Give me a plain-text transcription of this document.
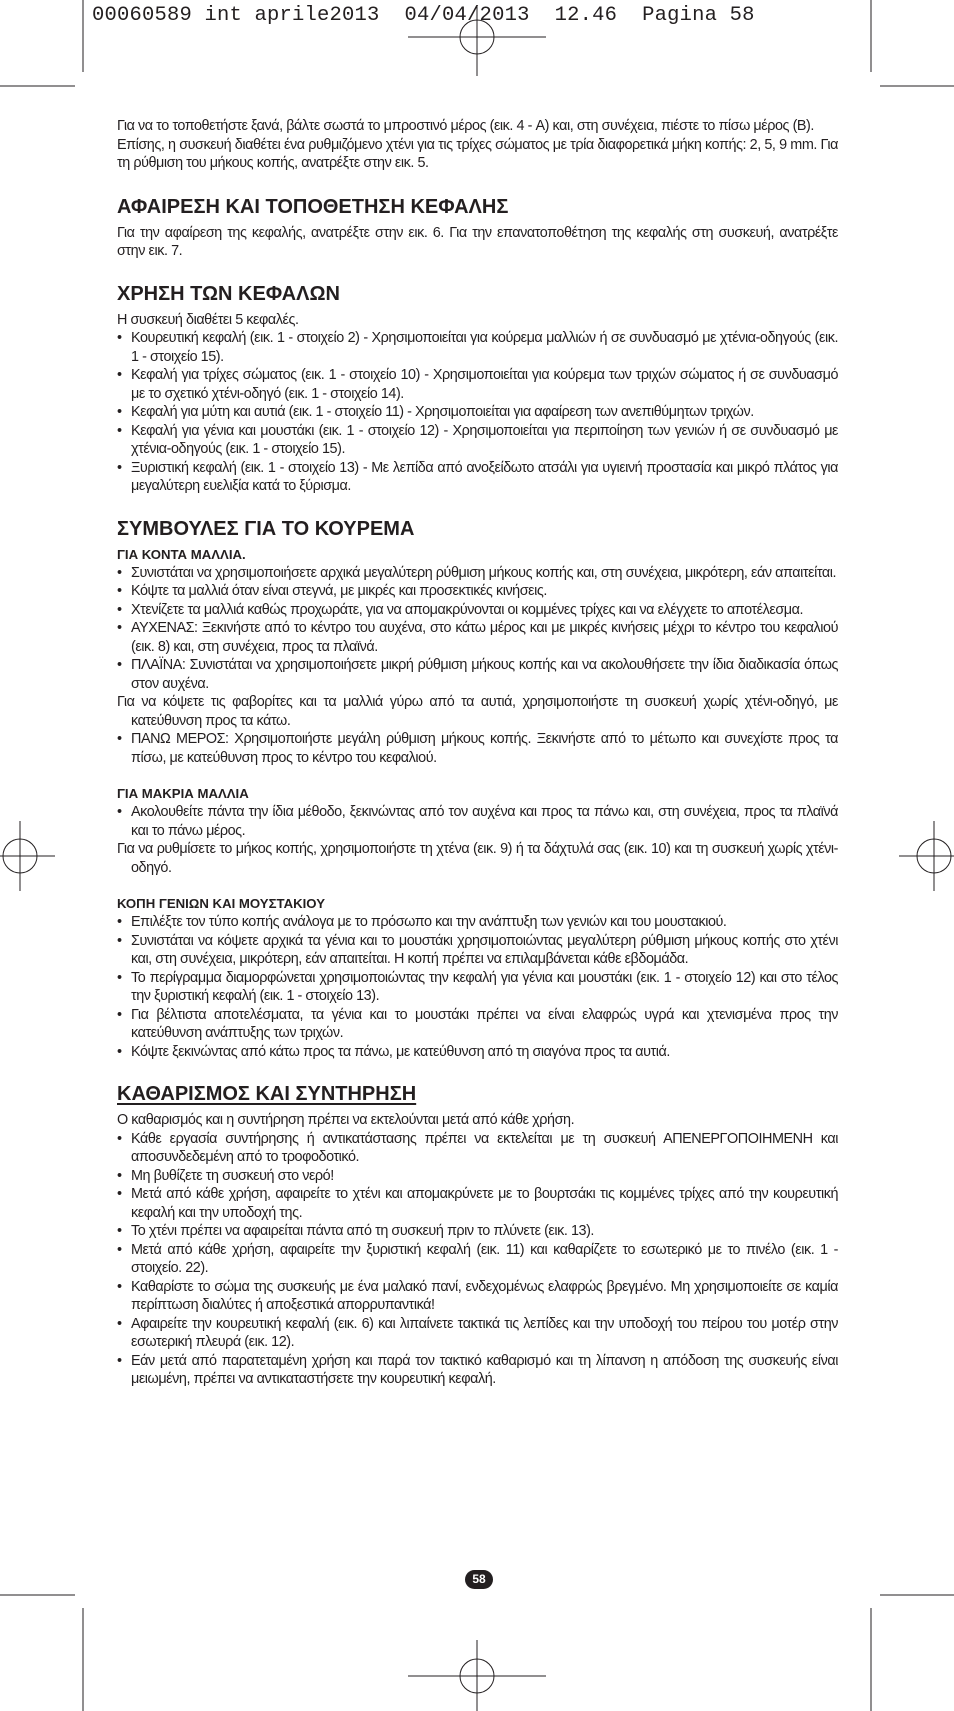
00060589 int aprile2013  04/04/2013  12.46  Pagina 58

Για να το τοποθετήστε ξανά, βάλτε σωστά το μπροστινό μέρος (εικ. 4 - A) και, στη συνέχεια, πιέστε το πίσω μέρος (B).

Επίσης, η συσκευή διαθέτει ένα ρυθμιζόμενο χτένι για τις τρίχες σώματος με τρία διαφορετικά μήκη κοπής: 2, 5, 9 mm. Για τη ρύθμιση του μήκους κοπής, ανατρέξτε στην εικ. 5.

ΑΦΑΙΡΕΣΗ ΚΑΙ ΤΟΠΟΘΕΤΗΣΗ ΚΕΦΑΛΗΣ

Για την αφαίρεση της κεφαλής, ανατρέξτε στην εικ. 6. Για την επανατοποθέτηση της κεφαλής στη συσκευή, ανατρέξτε στην εικ. 7.

ΧΡΗΣΗ ΤΩΝ ΚΕΦΑΛΩΝ

Η συσκευή διαθέτει 5 κεφαλές.

• Κουρευτική κεφαλή (εικ. 1 - στοιχείο 2) - Χρησιμοποιείται για κούρεμα μαλλιών ή σε συνδυασμό με χτένια-οδηγούς (εικ. 1 - στοιχείο 15).
• Κεφαλή για τρίχες σώματος (εικ. 1 - στοιχείο 10) - Χρησιμοποιείται για κούρεμα των τριχών σώματος ή σε συνδυασμό με το σχετικό χτένι-οδηγό (εικ. 1 - στοιχείο 14).
• Κεφαλή για μύτη και αυτιά (εικ. 1 - στοιχείο 11) - Χρησιμοποιείται για αφαίρεση των ανεπιθύμητων τριχών.
• Κεφαλή για γένια και μουστάκι (εικ. 1 - στοιχείο 12) - Χρησιμοποιείται για περιποίηση των γενιών ή σε συνδυασμό με χτένια-οδηγούς (εικ. 1 - στοιχείο 15).
• Ξυριστική κεφαλή (εικ. 1 - στοιχείο 13) - Με λεπίδα από ανοξείδωτο ατσάλι για υγιεινή προστασία και μικρό πλάτος για μεγαλύτερη ευελιξία κατά το ξύρισμα.
ΣΥΜΒΟΥΛΕΣ ΓΙΑ ΤΟ ΚΟΥΡΕΜΑ
ΓΙΑ ΚΟΝΤΑ ΜΑΛΛΙΑ.
• Συνιστάται να χρησιμοποιήσετε αρχικά μεγαλύτερη ρύθμιση μήκους κοπής και, στη συνέχεια, μικρότερη, εάν απαιτείται.
• Κόψτε τα μαλλιά όταν είναι στεγνά, με μικρές και προσεκτικές κινήσεις.
• Χτενίζετε τα μαλλιά καθώς προχωράτε, για να απομακρύνονται οι κομμένες τρίχες και να ελέγχετε το αποτέλεσμα.
• ΑΥΧΕΝΑΣ: Ξεκινήστε από το κέντρο του αυχένα, στο κάτω μέρος και με μικρές κινήσεις μέχρι το κέντρο του κεφαλιού (εικ. 8) και, στη συνέχεια, προς τα πλαϊνά.
• ΠΛΑΪΝΑ: Συνιστάται να χρησιμοποιήσετε μικρή ρύθμιση μήκους κοπής και να ακολουθήσετε την ίδια διαδικασία όπως στον αυχένα.

Για να κόψετε τις φαβορίτες και τα μαλλιά γύρω από τα αυτιά, χρησιμοποιήστε τη συσκευή χωρίς χτένι-οδηγό, με κατεύθυνση προς τα κάτω.

• ΠΑΝΩ ΜΕΡΟΣ: Χρησιμοποιήστε μεγάλη ρύθμιση μήκους κοπής. Ξεκινήστε από το μέτωπο και συνεχίστε προς τα πίσω, με κατεύθυνση προς το κέντρο του κεφαλιού.
ΓΙΑ ΜΑΚΡΙΑ ΜΑΛΛΙΑ
• Ακολουθείτε πάντα την ίδια μέθοδο, ξεκινώντας από τον αυχένα και προς τα πάνω και, στη συνέχεια, προς τα πλαϊνά και το πάνω μέρος.

Για να ρυθμίσετε το μήκος κοπής, χρησιμοποιήστε τη χτένα (εικ. 9) ή τα δάχτυλά σας (εικ. 10) και τη συσκευή χωρίς χτένι-οδηγό.

ΚΟΠΗ ΓΕΝΙΩΝ ΚΑΙ ΜΟΥΣΤΑΚΙΟΥ
• Επιλέξτε τον τύπο κοπής ανάλογα με το πρόσωπο και την ανάπτυξη των γενιών και του μουστακιού.
• Συνιστάται να κόψετε αρχικά τα γένια και το μουστάκι χρησιμοποιώντας μεγαλύτερη ρύθμιση μήκους κοπής στο χτένι και, στη συνέχεια, μικρότερη, εάν απαιτείται. Η κοπή πρέπει να επιλαμβάνεται κάθε εβδομάδα.
• Το περίγραμμα διαμορφώνεται χρησιμοποιώντας την κεφαλή για γένια και μουστάκι (εικ. 1 - στοιχείο 12) και στο τέλος την ξυριστική κεφαλή (εικ. 1 - στοιχείο 13).
• Για βέλτιστα αποτελέσματα, τα γένια και το μουστάκι πρέπει να είναι ελαφρώς υγρά και χτενισμένα προς την κατεύθυνση ανάπτυξης των τριχών.
• Κόψτε ξεκινώντας από κάτω προς τα πάνω, με κατεύθυνση από τη σιαγόνα προς τα αυτιά.
ΚΑΘΑΡΙΣΜΟΣ ΚΑΙ ΣΥΝΤΗΡΗΣΗ

Ο καθαρισμός και η συντήρηση πρέπει να εκτελούνται μετά από κάθε χρήση.

• Κάθε εργασία συντήρησης ή αντικατάστασης πρέπει να εκτελείται με τη συσκευή ΑΠΕΝΕΡΓΟΠΟΙΗΜΕΝΗ και αποσυνδεδεμένη από το τροφοδοτικό.
• Μη βυθίζετε τη συσκευή στο νερό!
• Μετά από κάθε χρήση, αφαιρείτε το χτένι και απομακρύνετε με το βουρτσάκι τις κομμένες τρίχες από την κουρευτική κεφαλή και την υποδοχή της.
• Το χτένι πρέπει να αφαιρείται πάντα από τη συσκευή πριν το πλύνετε (εικ. 13).
• Μετά από κάθε χρήση, αφαιρείτε την ξυριστική κεφαλή (εικ. 11) και καθαρίζετε το εσωτερικό με το πινέλο (εικ. 1 - στοιχείο. 22).
• Καθαρίστε το σώμα της συσκευής με ένα μαλακό πανί, ενδεχομένως ελαφρώς βρεγμένο. Μη χρησιμοποιείτε σε καμία περίπτωση διαλύτες ή αποξεστικά απορρυπαντικά!
• Αφαιρείτε την κουρευτική κεφαλή (εικ. 6) και λιπαίνετε τακτικά τις λεπίδες και την υποδοχή του πείρου του μοτέρ στην εσωτερική πλευρά (εικ. 12).
• Εάν μετά από παρατεταμένη χρήση και παρά τον τακτικό καθαρισμό και τη λίπανση η απόδοση της συσκευής είναι μειωμένη, πρέπει να αντικαταστήσετε την κουρευτική κεφαλή.
58
